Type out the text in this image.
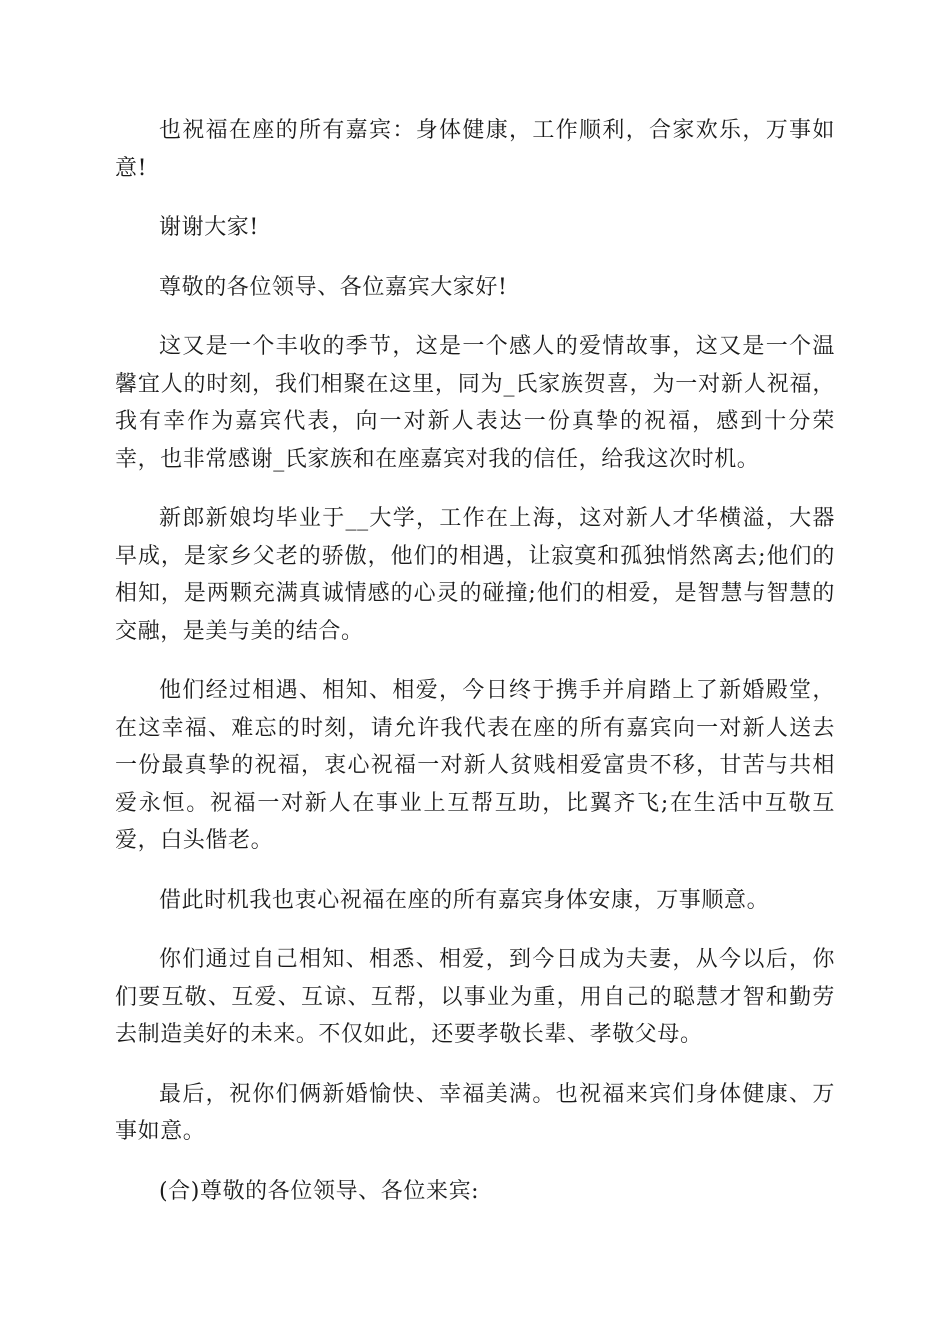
也祝福在座的所有嘉宾：身体健康，工作顺利，合家欢乐，万事如意!

谢谢大家!

尊敬的各位领导、各位嘉宾大家好!

这又是一个丰收的季节，这是一个感人的爱情故事，这又是一个温馨宜人的时刻，我们相聚在这里，同为_氏家族贺喜，为一对新人祝福，我有幸作为嘉宾代表，向一对新人表达一份真挚的祝福，感到十分荣幸，也非常感谢_氏家族和在座嘉宾对我的信任，给我这次时机。

新郎新娘均毕业于__大学，工作在上海，这对新人才华横溢，大器早成，是家乡父老的骄傲，他们的相遇，让寂寞和孤独悄然离去;他们的相知，是两颗充满真诚情感的心灵的碰撞;他们的相爱，是智慧与智慧的交融，是美与美的结合。

他们经过相遇、相知、相爱，今日终于携手并肩踏上了新婚殿堂，在这幸福、难忘的时刻，请允许我代表在座的所有嘉宾向一对新人送去一份最真挚的祝福，衷心祝福一对新人贫贱相爱富贵不移，甘苦与共相爱永恒。祝福一对新人在事业上互帮互助，比翼齐飞;在生活中互敬互爱，白头偕老。

借此时机我也衷心祝福在座的所有嘉宾身体安康，万事顺意。

你们通过自己相知、相悉、相爱，到今日成为夫妻，从今以后，你们要互敬、互爱、互谅、互帮，以事业为重，用自己的聪慧才智和勤劳去制造美好的未来。不仅如此，还要孝敬长辈、孝敬父母。

最后，祝你们俩新婚愉快、幸福美满。也祝福来宾们身体健康、万事如意。

(合)尊敬的各位领导、各位来宾:
